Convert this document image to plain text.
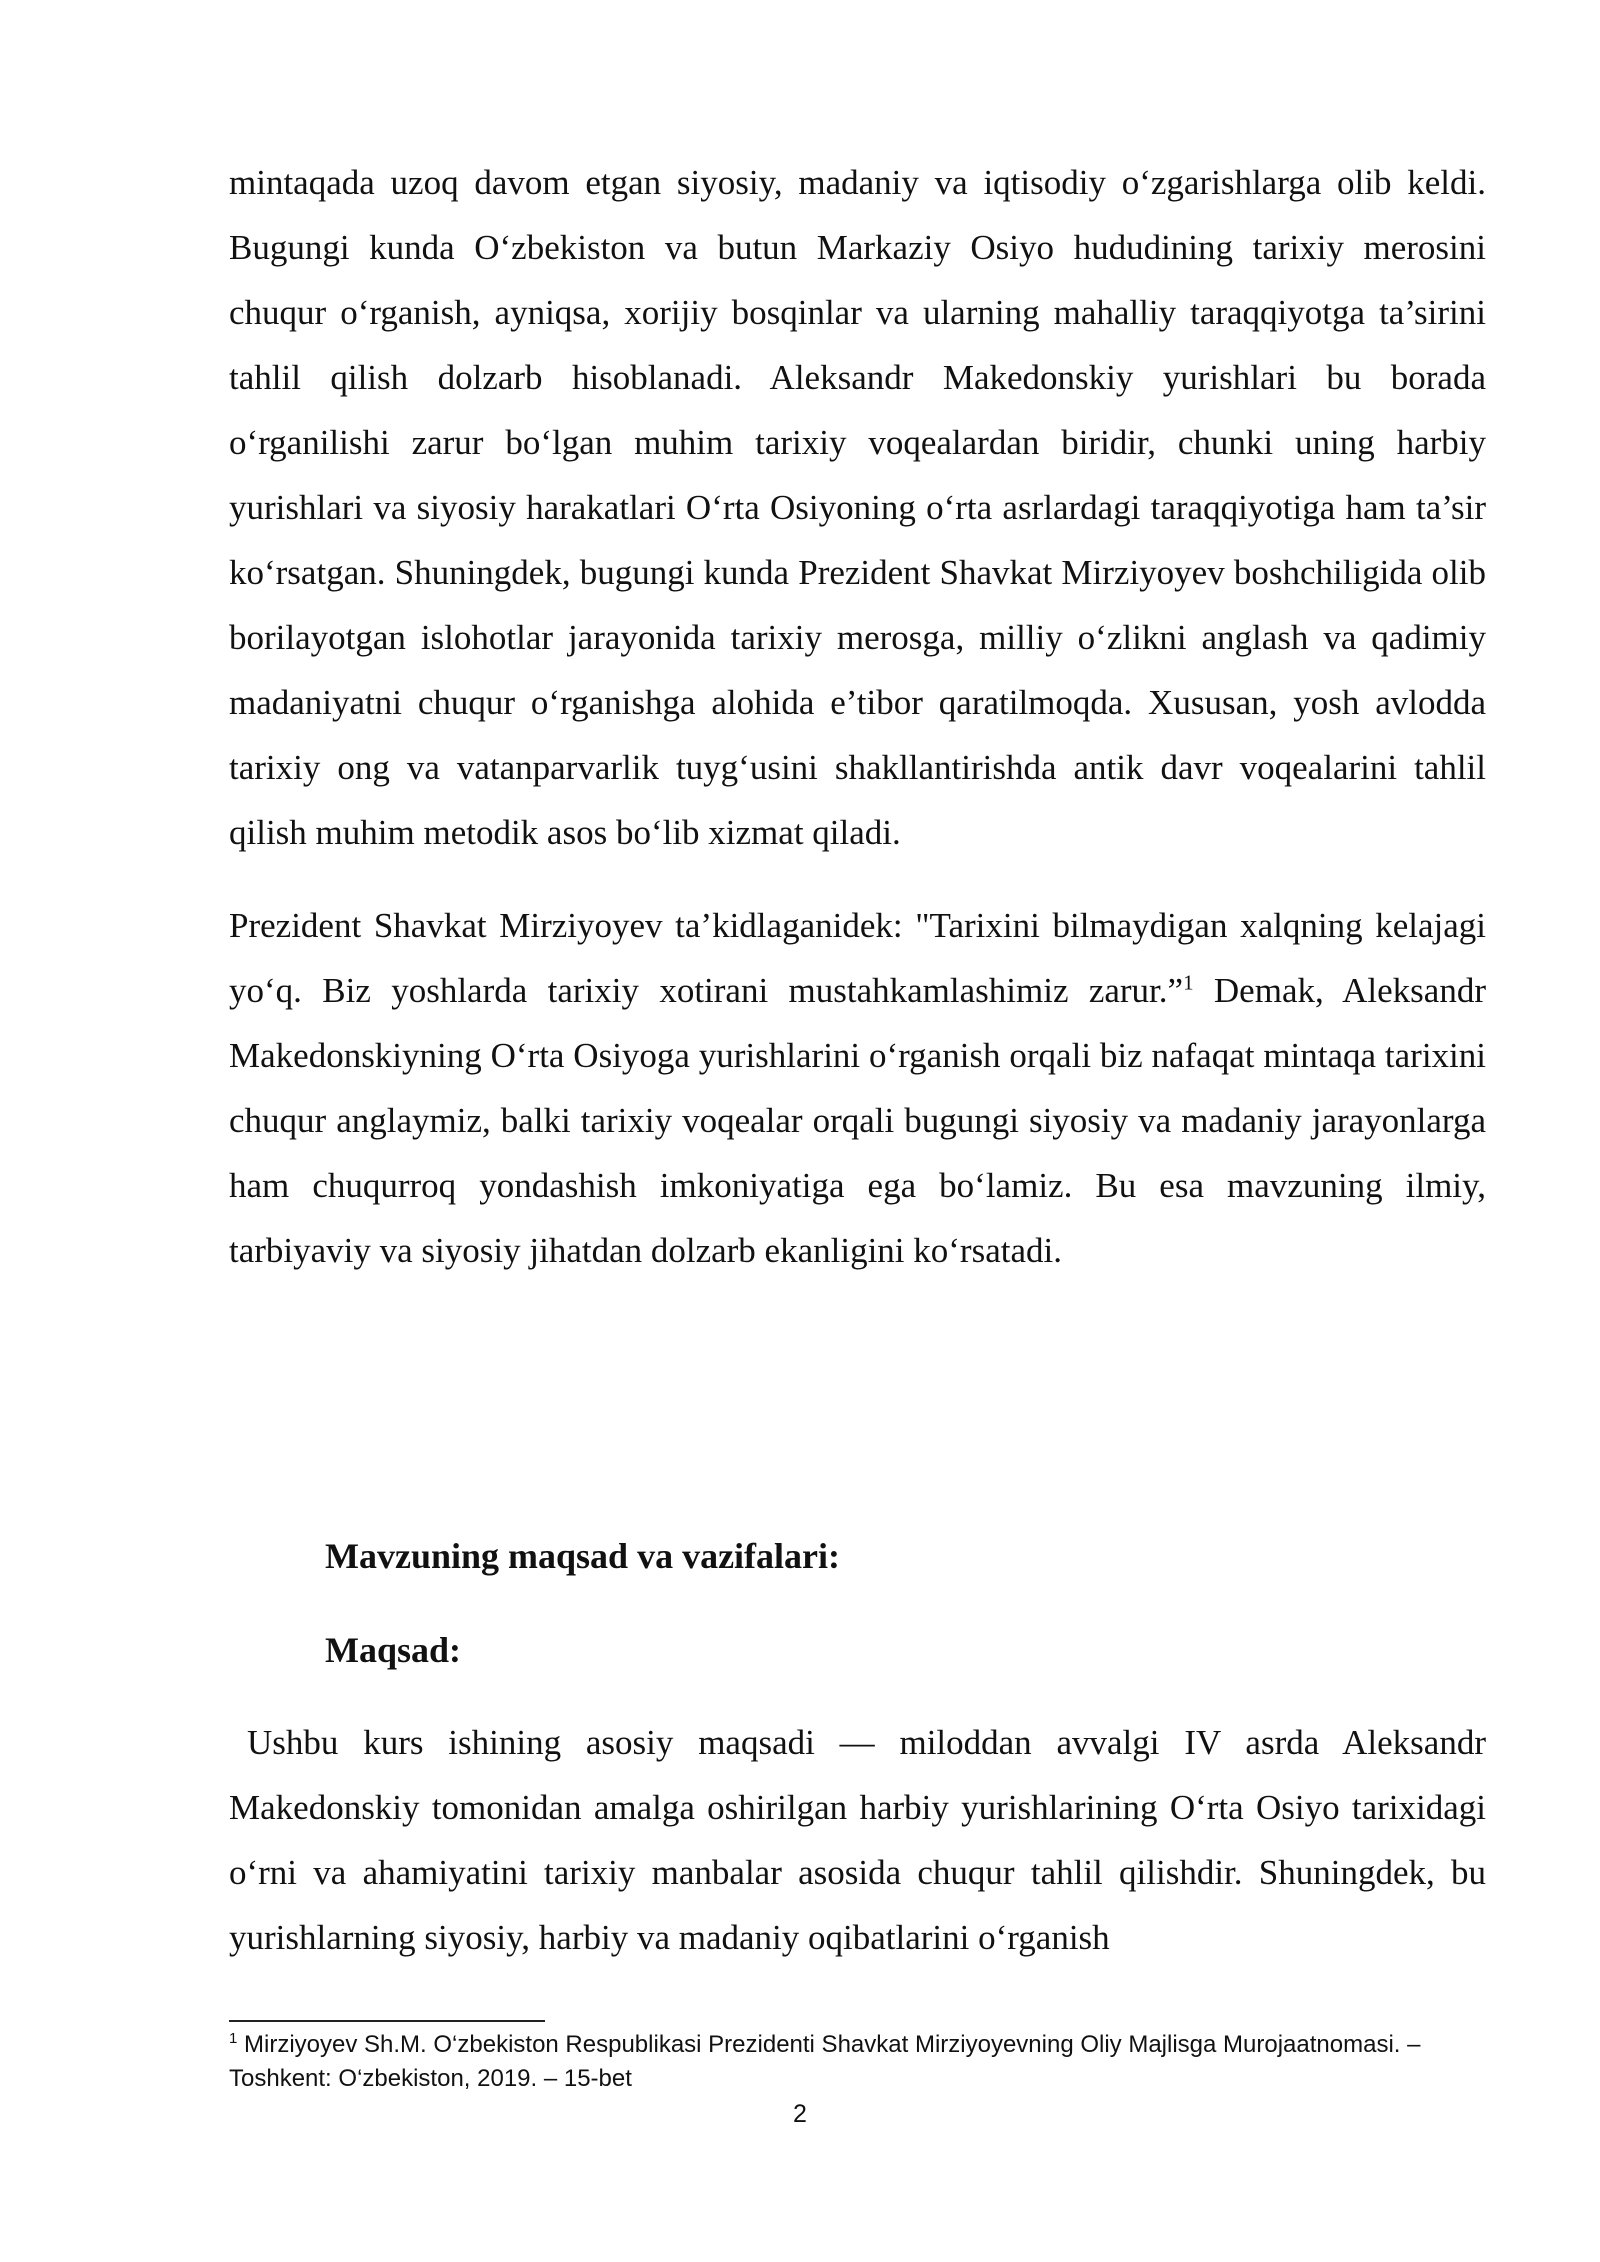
mintaqada uzoq davom etgan siyosiy, madaniy va iqtisodiy o‘zgarishlarga olib keldi. Bugungi kunda O‘zbekiston va butun Markaziy Osiyo hududining tarixiy merosini chuqur o‘rganish, ayniqsa, xorijiy bosqinlar va ularning mahalliy taraqqiyotga ta’sirini tahlil qilish dolzarb hisoblanadi. Aleksandr Makedonskiy yurishlari bu borada o‘rganilishi zarur bo‘lgan muhim tarixiy voqealardan biridir, chunki uning harbiy yurishlari va siyosiy harakatlari O‘rta Osiyoning o‘rta asrlardagi taraqqiyotiga ham ta’sir ko‘rsatgan. Shuningdek, bugungi kunda Prezident Shavkat Mirziyoyev boshchiligida olib borilayotgan islohotlar jarayonida tarixiy merosga, milliy o‘zlikni anglash va qadimiy madaniyatni chuqur o‘rganishga alohida e’tibor qaratilmoqda. Xususan, yosh avlodda tarixiy ong va vatanparvarlik tuyg‘usini shakllantirishda antik davr voqealarini tahlil qilish muhim metodik asos bo‘lib xizmat qiladi.

Prezident Shavkat Mirziyoyev ta’kidlaganidek: "Tarixini bilmaydigan xalqning kelajagi yo‘q. Biz yoshlarda tarixiy xotirani mustahkamlashimiz zarur.”$^1$ Demak, Aleksandr Makedonskiyning O‘rta Osiyoga yurishlarini o‘rganish orqali biz nafaqat mintaqa tarixini chuqur anglaymiz, balki tarixiy voqealar orqali bugungi siyosiy va madaniy jarayonlarga ham chuqurroq yondashish imkoniyatiga ega bo‘lamiz. Bu esa mavzuning ilmiy, tarbiyaviy va siyosiy jihatdan dolzarb ekanligini ko‘rsatadi.

Mavzuning maqsad va vazifalari:
Maqsad:

Ushbu kurs ishining asosiy maqsadi — miloddan avvalgi IV asrda Aleksandr Makedonskiy tomonidan amalga oshirilgan harbiy yurishlarining O‘rta Osiyo tarixidagi o‘rni va ahamiyatini tarixiy manbalar asosida chuqur tahlil qilishdir. Shuningdek, bu yurishlarning siyosiy, harbiy va madaniy oqibatlarini o‘rganish

$^1$ Mirziyoyev Sh.M. O‘zbekiston Respublikasi Prezidenti Shavkat Mirziyoyevning Oliy Majlisga Murojaatnomasi. – Toshkent: O‘zbekiston, 2019. – 15-bet

2
